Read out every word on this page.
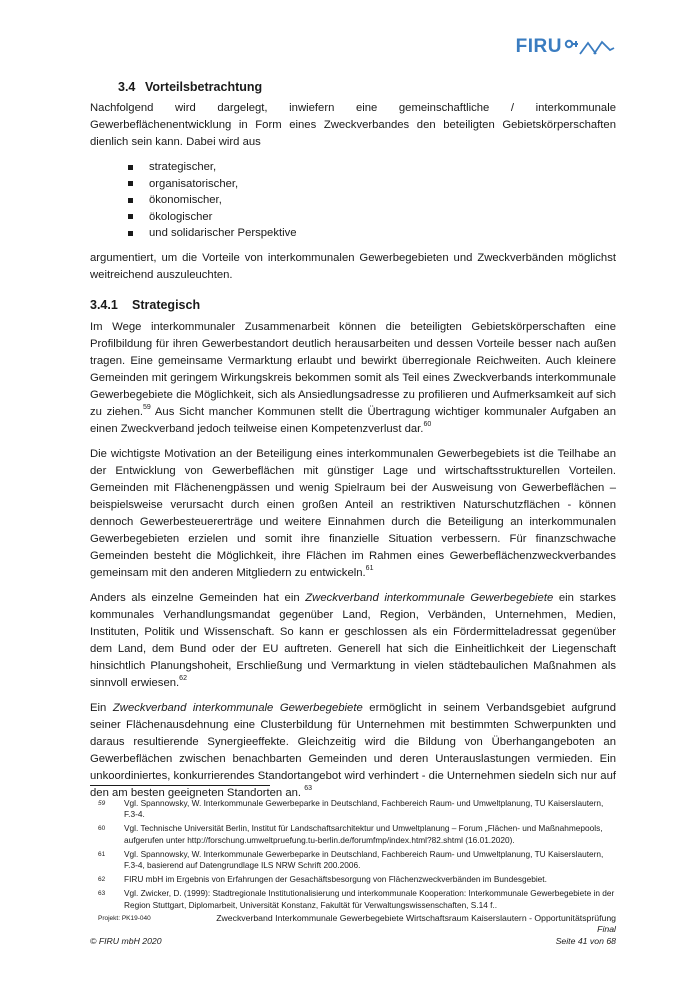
FIRU
3.4 Vorteilsbetrachtung

Nachfolgend wird dargelegt, inwiefern eine gemeinschaftliche / interkommunale Gewerbeflächenentwicklung in Form eines Zweckverbandes den beteiligten Gebietskörperschaften dienlich sein kann. Dabei wird aus

strategischer,
organisatorischer,
ökonomischer,
ökologischer
und solidarischer Perspektive

argumentiert, um die Vorteile von interkommunalen Gewerbegebieten und Zweckverbänden möglichst weitreichend auszuleuchten.

3.4.1	Strategisch

Im Wege interkommunaler Zusammenarbeit können die beteiligten Gebietskörperschaften eine Profilbildung für ihren Gewerbestandort deutlich herausarbeiten und dessen Vorteile besser nach außen tragen. Eine gemeinsame Vermarktung erlaubt und bewirkt überregionale Reichweiten. Auch kleinere Gemeinden mit geringem Wirkungskreis bekommen somit als Teil eines Zweckverbands interkommunale Gewerbegebiete die Möglichkeit, sich als Ansiedlungsadresse zu profilieren und Aufmerksamkeit auf sich zu ziehen.$^{59}$ Aus Sicht mancher Kommunen stellt die Übertragung wichtiger kommunaler Aufgaben an einen Zweckverband jedoch teilweise einen Kompetenzverlust dar.$^{60}$

Die wichtigste Motivation an der Beteiligung eines interkommunalen Gewerbegebiets ist die Teilhabe an der Entwicklung von Gewerbeflächen mit günstiger Lage und wirtschaftsstrukturellen Vorteilen. Gemeinden mit Flächenengpässen und wenig Spielraum bei der Ausweisung von Gewerbeflächen – beispielsweise verursacht durch einen großen Anteil an restriktiven Naturschutzflächen - können dennoch Gewerbesteuererträge und weitere Einnahmen durch die Beteiligung an interkommunalen Gewerbegebieten erzielen und somit ihre finanzielle Situation verbessern. Für finanzschwache Gemeinden besteht die Möglichkeit, ihre Flächen im Rahmen eines Gewerbeflächenzweckverbandes gemeinsam mit den anderen Mitgliedern zu entwickeln.$^{61}$

Anders als einzelne Gemeinden hat ein Zweckverband interkommunale Gewerbegebiete ein starkes kommunales Verhandlungsmandat gegenüber Land, Region, Verbänden, Unternehmen, Medien, Instituten, Politik und Wissenschaft. So kann er geschlossen als ein Fördermitteladressat gegenüber dem Land, dem Bund oder der EU auftreten. Generell hat sich die Einheitlichkeit der Liegenschaft hinsichtlich Planungshoheit, Erschließung und Vermarktung in vielen städtebaulichen Maßnahmen als sinnvoll erwiesen.$^{62}$

Ein Zweckverband interkommunale Gewerbegebiete ermöglicht in seinem Verbandsgebiet aufgrund seiner Flächenausdehnung eine Clusterbildung für Unternehmen mit bestimmten Schwerpunkten und daraus resultierende Synergieeffekte. Gleichzeitig wird die Bildung von Überhangangeboten an Gewerbeflächen zwischen benachbarten Gemeinden und deren Unterauslastungen vermieden. Ein unkoordiniertes, konkurrierendes Standortangebot wird verhindert - die Unternehmen siedeln sich nur auf den am besten geeigneten Standorten an. $^{63}$

59	Vgl. Spannowsky, W. Interkommunale Gewerbeparke in Deutschland, Fachbereich Raum- und Umweltplanung, TU Kaiserslautern, F.3-4.
60	Vgl. Technische Universität Berlin, Institut für Landschaftsarchitektur und Umweltplanung – Forum „Flächen- und Maßnahmepools, aufgerufen unter http://forschung.umweltpruefung.tu-berlin.de/forumfmp/index.html?82.shtml (16.01.2020).
61	Vgl. Spannowsky, W. Interkommunale Gewerbeparke in Deutschland, Fachbereich Raum- und Umweltplanung, TU Kaiserslautern, F.3-4, basierend auf Datengrundlage ILS NRW Schrift 200.2006.
62	FIRU mbH im Ergebnis von Erfahrungen der Gesachäftsbesorgung von Flächenzweckverbänden im Bundesgebiet.
63	Vgl. Zwicker, D. (1999): Stadtregionale Institutionalisierung und interkommunale Kooperation: Interkommunale Gewerbegebiete in der Region Stuttgart, Diplomarbeit, Universität Konstanz, Fakultät für Verwaltungswissenschaften, S.14 f..
Projekt: PK19-040	Zweckverband Interkommunale Gewerbegebiete Wirtschaftsraum Kaiserslautern - Opportunitätsprüfung
Final
© FIRU mbH 2020	Seite 41 von 68
